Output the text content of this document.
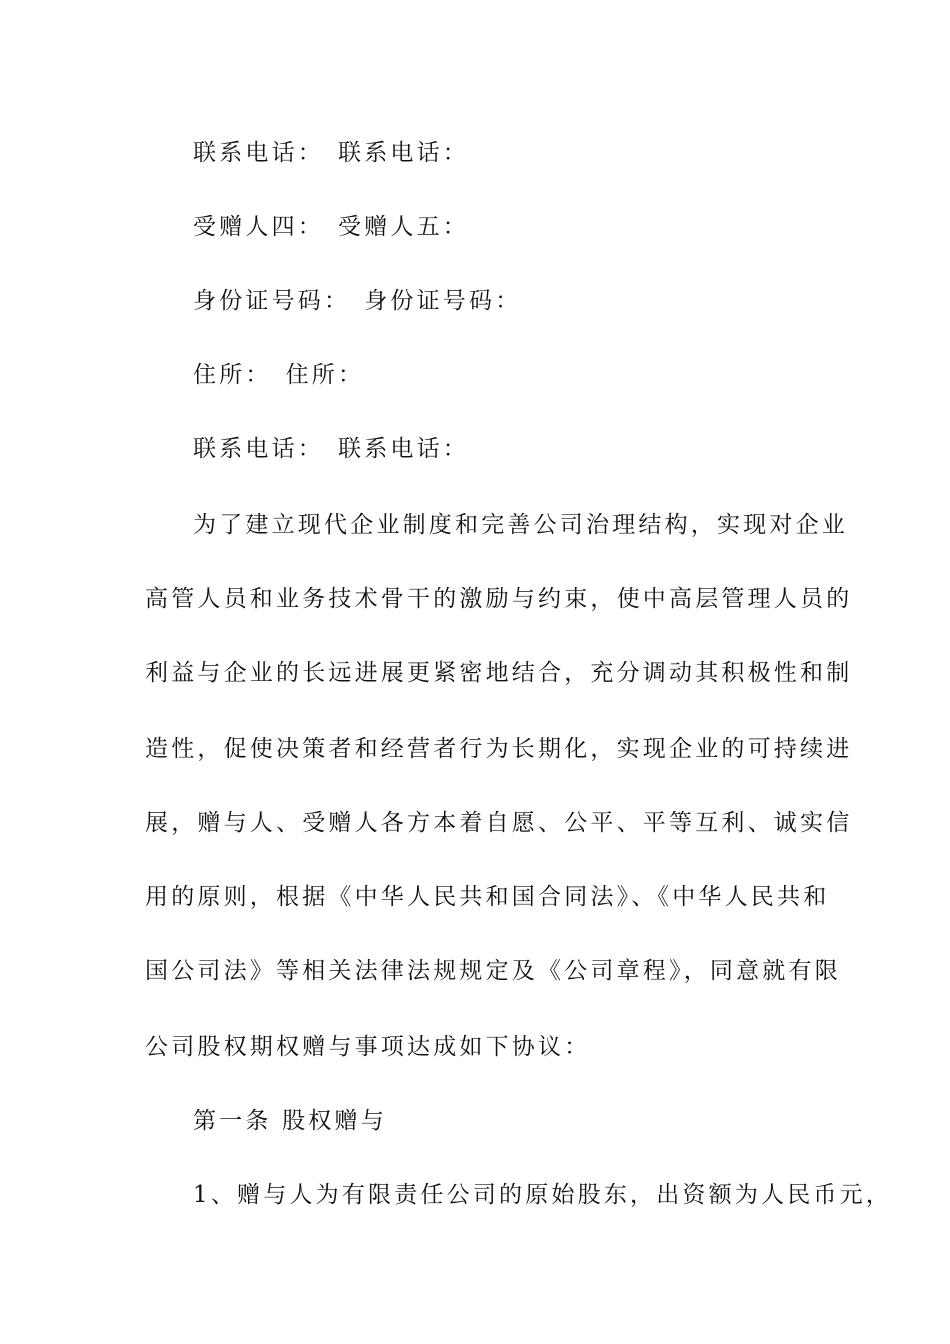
联系电话： 联系电话：
受赠人四： 受赠人五：
身份证号码： 身份证号码：
住所： 住所：
联系电话： 联系电话：
为了建立现代企业制度和完善公司治理结构，实现对企业
高管人员和业务技术骨干的激励与约束，使中高层管理人员的
利益与企业的长远进展更紧密地结合，充分调动其积极性和制
造性，促使决策者和经营者行为长期化，实现企业的可持续进
展，赠与人、受赠人各方本着自愿、公平、平等互利、诚实信
用的原则，根据《中华人民共和国合同法》、《中华人民共和
国公司法》等相关法律法规规定及《公司章程》，同意就有限
公司股权期权赠与事项达成如下协议：
第一条 股权赠与
1、赠与人为有限责任公司的原始股东，出资额为人民币元，
